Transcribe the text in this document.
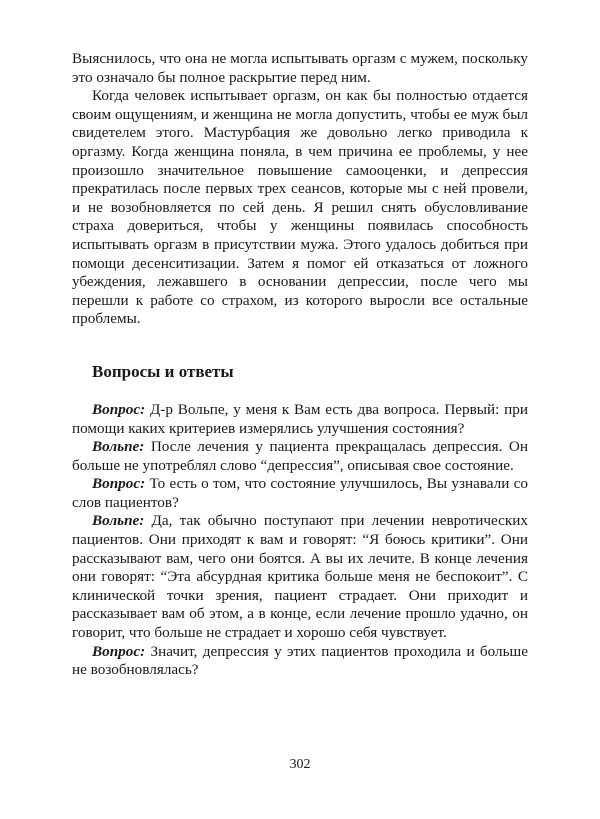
Выяснилось, что она не могла испытывать оргазм с мужем, поскольку это означало бы полное раскрытие перед ним.

Когда человек испытывает оргазм, он как бы полностью отдается своим ощущениям, и женщина не могла допустить, чтобы ее муж был свидетелем этого. Мастурбация же довольно легко приводила к оргазму. Когда женщина поняла, в чем причина ее проблемы, у нее произошло значительное повышение самооценки, и депрессия прекратилась после первых трех сеансов, которые мы с ней провели, и не возобновляется по сей день. Я решил снять обусловливание страха довериться, чтобы у женщины появилась способность испытывать оргазм в присутствии мужа. Этого удалось добиться при помощи десенситизации. Затем я помог ей отказаться от ложного убеждения, лежавшего в основании депрессии, после чего мы перешли к работе со страхом, из которого выросли все остальные проблемы.

Вопросы и ответы

Вопрос: Д-р Вольпе, у меня к Вам есть два вопроса. Первый: при помощи каких критериев измерялись улучшения состояния?

Вольпе: После лечения у пациента прекращалась депрессия. Он больше не употреблял слово “депрессия”, описывая свое состояние.

Вопрос: То есть о том, что состояние улучшилось, Вы узнавали со слов пациентов?

Вольпе: Да, так обычно поступают при лечении невротических пациентов. Они приходят к вам и говорят: “Я боюсь критики”. Они рассказывают вам, чего они боятся. А вы их лечите. В конце лечения они говорят: “Эта абсурдная критика больше меня не беспокоит”. С клинической точки зрения, пациент страдает. Они приходит и рассказывает вам об этом, а в конце, если лечение прошло удачно, он говорит, что больше не страдает и хорошо себя чувствует.

Вопрос: Значит, депрессия у этих пациентов проходила и больше не возобновлялась?

302
